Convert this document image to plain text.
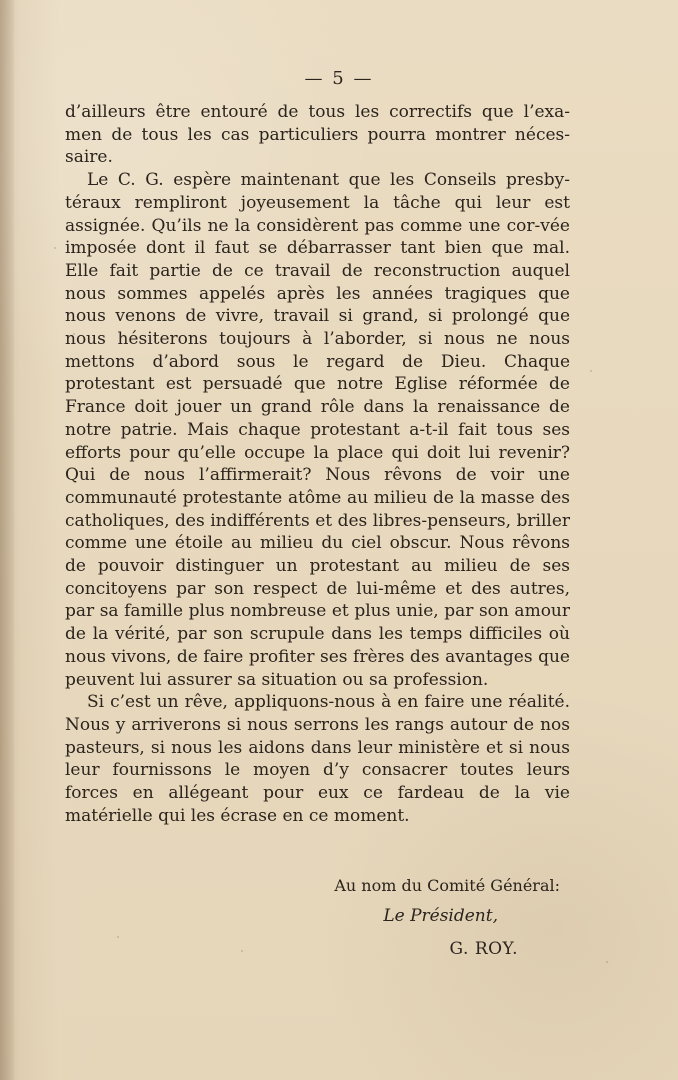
— 5 —

d’ailleurs être entouré de tous les correctifs que l’exa-men de tous les cas particuliers pourra montrer néces-saire.

Le C. G. espère maintenant que les Conseils presby-téraux rempliront joyeusement la tâche qui leur est assignée. Qu’ils ne la considèrent pas comme une cor-vée imposée dont il faut se débarrasser tant bien que mal. Elle fait partie de ce travail de reconstruction auquel nous sommes appelés après les années tragiques que nous venons de vivre, travail si grand, si prolongé que nous hésiterons toujours à l’aborder, si nous ne nous mettons d’abord sous le regard de Dieu. Chaque protestant est persuadé que notre Eglise réformée de France doit jouer un grand rôle dans la renaissance de notre patrie. Mais chaque protestant a-t-il fait tous ses efforts pour qu’elle occupe la place qui doit lui revenir? Qui de nous l’affirmerait? Nous rêvons de voir une communauté protestante atôme au milieu de la masse des catholiques, des indifférents et des libres-penseurs, briller comme une étoile au milieu du ciel obscur. Nous rêvons de pouvoir distinguer un protestant au milieu de ses concitoyens par son respect de lui-même et des autres, par sa famille plus nombreuse et plus unie, par son amour de la vérité, par son scrupule dans les temps difficiles où nous vivons, de faire profiter ses frères des avantages que peuvent lui assurer sa situation ou sa profession.

Si c’est un rêve, appliquons-nous à en faire une réalité. Nous y arriverons si nous serrons les rangs autour de nos pasteurs, si nous les aidons dans leur ministère et si nous leur fournissons le moyen d’y consacrer toutes leurs forces en allégeant pour eux ce fardeau de la vie matérielle qui les écrase en ce moment.

Au nom du Comité Général:
Le Président,
G. ROY.
